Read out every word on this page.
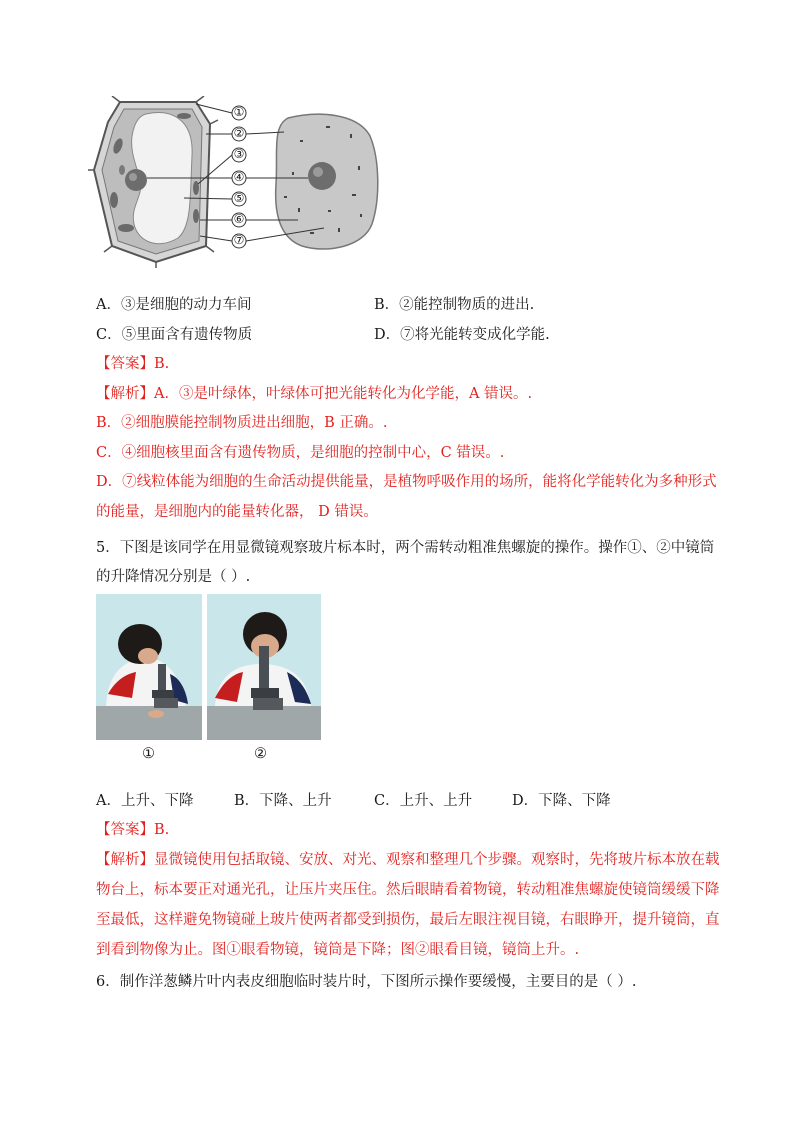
①
②
③
④
⑤
⑥
⑦
A．③是细胞的动力车间	B．②能控制物质的进出.
C．⑤里面含有遗传物质	D．⑦将光能转变成化学能.
【答案】B.
【解析】A．③是叶绿体，叶绿体可把光能转化为化学能，A 错误。.
B．②细胞膜能控制物质进出细胞，B 正确。.
C．④细胞核里面含有遗传物质，是细胞的控制中心，C 错误。.
D．⑦线粒体能为细胞的生命活动提供能量，是植物呼吸作用的场所，能将化学能转化为多种形式
的能量，是细胞内的能量转化器， D 错误。
5．下图是该同学在用显微镜观察玻片标本时，两个需转动粗准焦螺旋的操作。操作①、②中镜筒
的升降情况分别是（ ）.
①	②
A．上升、下降	B．下降、上升	C．上升、上升	D．下降、下降
【答案】B.
【解析】显微镜使用包括取镜、安放、对光、观察和整理几个步骤。观察时，先将玻片标本放在载
物台上，标本要正对通光孔，让压片夹压住。然后眼睛看着物镜，转动粗准焦螺旋使镜筒缓缓下降
至最低，这样避免物镜碰上玻片使两者都受到损伤，最后左眼注视目镜，右眼睁开，提升镜筒，直
到看到物像为止。图①眼看物镜，镜筒是下降；图②眼看目镜，镜筒上升。.
6．制作洋葱鳞片叶内表皮细胞临时装片时，下图所示操作要缓慢，主要目的是（ ）.
